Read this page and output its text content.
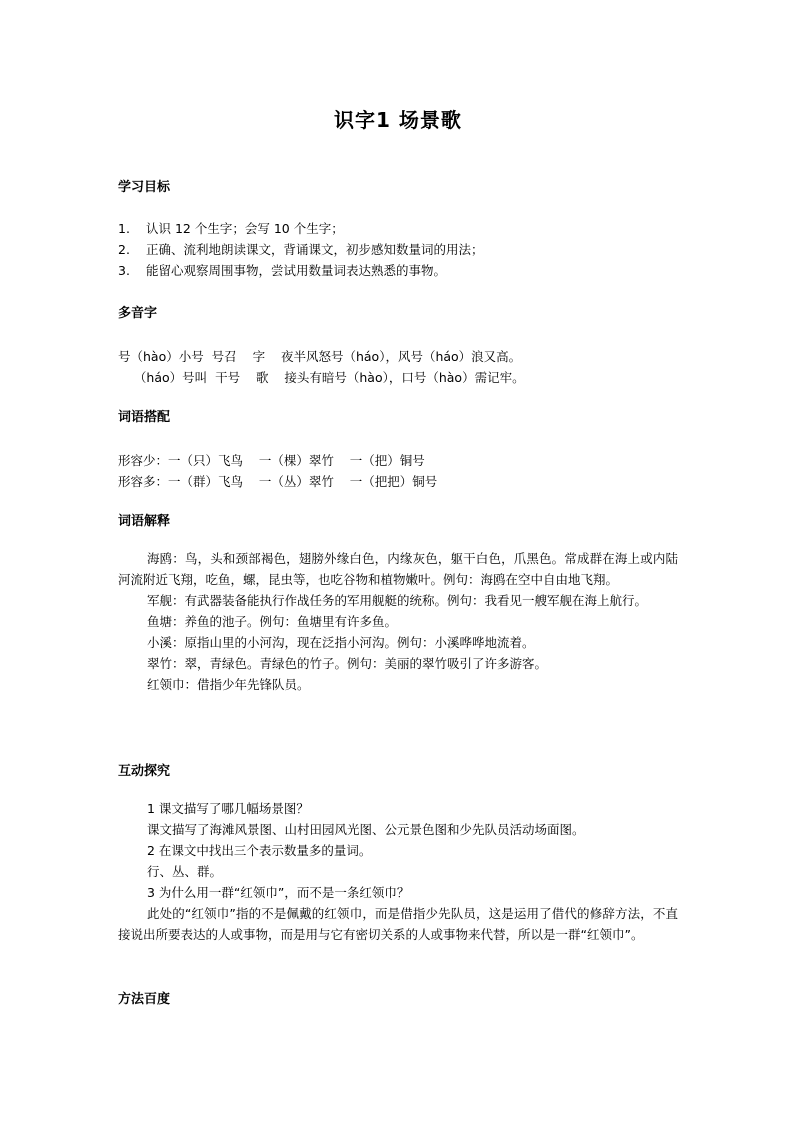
识字1 场景歌

学习目标

1. 认识 12 个生字；会写 10 个生字；

2. 正确、流利地朗读课文，背诵课文，初步感知数量词的用法；

3. 能留心观察周围事物，尝试用数量词表达熟悉的事物。

多音字

号（hào）小号  号召    字    夜半风怒号（háo），风号（háo）浪又高。

（háo）号叫  干号    歌    接头有暗号（hào），口号（hào）需记牢。

词语搭配

形容少：一（只）飞鸟    一（棵）翠竹    一（把）铜号

形容多：一（群）飞鸟    一（丛）翠竹    一（把把）铜号

词语解释

海鸥：鸟，头和颈部褐色，翅膀外缘白色，内缘灰色，躯干白色，爪黑色。常成群在海上或内陆河流附近飞翔，吃鱼，螺，昆虫等，也吃谷物和植物嫩叶。例句：海鸥在空中自由地飞翔。

军舰：有武器装备能执行作战任务的军用舰艇的统称。例句：我看见一艘军舰在海上航行。

鱼塘：养鱼的池子。例句：鱼塘里有许多鱼。

小溪：原指山里的小河沟，现在泛指小河沟。例句：小溪哗哗地流着。

翠竹：翠，青绿色。青绿色的竹子。例句：美丽的翠竹吸引了许多游客。

红领巾：借指少年先锋队员。

互动探究

1 课文描写了哪几幅场景图？

课文描写了海滩风景图、山村田园风光图、公元景色图和少先队员活动场面图。

2 在课文中找出三个表示数量多的量词。

行、丛、群。

3 为什么用一群“红领巾”，而不是一条红领巾？

此处的“红领巾”指的不是佩戴的红领巾，而是借指少先队员，这是运用了借代的修辞方法，不直接说出所要表达的人或事物，而是用与它有密切关系的人或事物来代替，所以是一群“红领巾”。

方法百度
